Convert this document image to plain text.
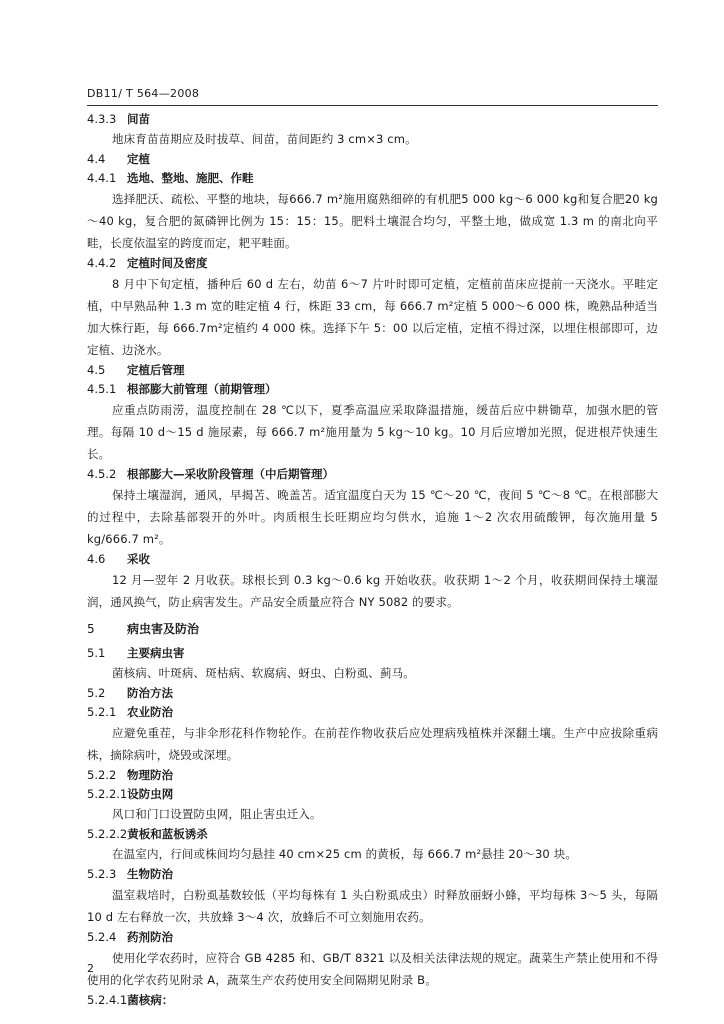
DB11/ T 564—2008
4.3.3 间苗
地床育苗苗期应及时拔草、间苗，苗间距约 3 cm×3 cm。
4.4 定植
4.4.1 选地、整地、施肥、作畦
选择肥沃、疏松、平整的地块，每666.7 m²施用腐熟细碎的有机肥5 000 kg～6 000 kg和复合肥20 kg～40 kg，复合肥的氮磷钾比例为 15：15：15。肥料土壤混合均匀，平整土地，做成宽 1.3 m 的南北向平畦，长度依温室的跨度而定，耙平畦面。
4.4.2 定植时间及密度
8 月中下旬定植，播种后 60 d 左右，幼苗 6～7 片叶时即可定植，定植前苗床应提前一天浇水。平畦定植，中早熟品种 1.3 m 宽的畦定植 4 行，株距 33 cm，每 666.7 m²定植 5 000～6 000 株，晚熟品种适当加大株行距，每 666.7m²定植约 4 000 株。选择下午 5：00 以后定植，定植不得过深，以埋住根部即可，边定植、边浇水。
4.5 定植后管理
4.5.1 根部膨大前管理（前期管理）
应重点防雨涝，温度控制在 28 ℃以下，夏季高温应采取降温措施，缓苗后应中耕锄草，加强水肥的管理。每隔 10 d～15 d 施尿素，每 666.7 m²施用量为 5 kg～10 kg。10 月后应增加光照，促进根芹快速生长。
4.5.2 根部膨大—采收阶段管理（中后期管理）
保持土壤湿润，通风，早揭苫、晚盖苫。适宜温度白天为 15 ℃～20 ℃，夜间 5 ℃～8 ℃。在根部膨大的过程中，去除基部裂开的外叶。肉质根生长旺期应均匀供水，追施 1～2 次农用硫酸钾，每次施用量 5 kg/666.7 m²。
4.6 采收
12 月—翌年 2 月收获。球根长到 0.3 kg～0.6 kg 开始收获。收获期 1～2 个月，收获期间保持土壤湿润，通风换气，防止病害发生。产品安全质量应符合 NY 5082 的要求。
5	病虫害及防治
5.1 主要病虫害
菌核病、叶斑病、斑枯病、软腐病、蚜虫、白粉虱、蓟马。
5.2 防治方法
5.2.1 农业防治
应避免重茬，与非伞形花科作物轮作。在前茬作物收获后应处理病残植株并深翻土壤。生产中应拔除重病株，摘除病叶，烧毁或深埋。
5.2.2 物理防治
5.2.2.1设防虫网
风口和门口设置防虫网，阻止害虫迁入。
5.2.2.2黄板和蓝板诱杀
在温室内，行间或株间均匀悬挂 40 cm×25 cm 的黄板，每 666.7 m²悬挂 20～30 块。
5.2.3 生物防治
温室栽培时，白粉虱基数较低（平均每株有 1 头白粉虱成虫）时释放丽蚜小蜂，平均每株 3～5 头，每隔 10 d 左右释放一次，共放蜂 3～4 次，放蜂后不可立刻施用农药。
5.2.4 药剂防治
使用化学农药时，应符合 GB 4285 和、GB/T 8321 以及相关法律法规的规定。蔬菜生产禁止使用和不得使用的化学农药见附录 A，蔬菜生产农药使用安全间隔期见附录 B。
5.2.4.1菌核病：
2
